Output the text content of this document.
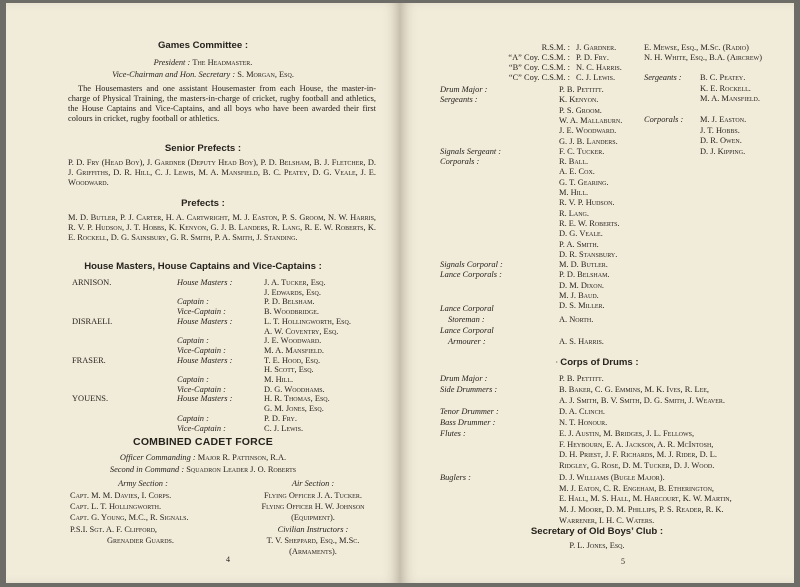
Games Committee :
President : The Headmaster.
Vice-Chairman and Hon. Secretary : S. Morgan, Esq.
The Housemasters and one assistant Housemaster from each House, the master-in-charge of Physical Training, the masters-in-charge of cricket, rugby football and athletics, the House Captains and Vice-Captains, and all boys who have been awarded their first colours in cricket, rugby football or athletics.
Senior Prefects :
P. D. Fry (Head Boy), J. Gardner (Deputy Head Boy), P. D. Belsham, B. J. Fletcher, D. J. Griffiths, D. R. Hill, C. J. Lewis, M. A. Mansfield, B. C. Peatey, D. G. Veale, J. E. Woodward.
Prefects :
M. D. Butler, P. J. Carter, H. A. Cartwright, M. J. Easton, P. S. Groom, N. W. Harris, R. V. P. Hudson, J. T. Hobbs, K. Kenyon, G. J. B. Landers, R. Lang, R. E. W. Roberts, K. E. Rockell, D. G. Sainsbury, G. R. Smith, P. A. Smith, J. Standing.
House Masters, House Captains and Vice-Captains :
ARNISON.	House Masters :	J. A. Tucker, Esq.
J. Edwards, Esq.
Captain :	P. D. Belsham.
Vice-Captain :	B. Woodbridge.
DISRAELI.	House Masters :	L. T. Hollingworth, Esq.
A. W. Coventry, Esq.
Captain :	J. E. Woodward.
Vice-Captain :	M. A. Mansfield.
FRASER.	House Masters :	T. E. Hood, Esq.
H. Scott, Esq.
Captain :	M. Hill.
Vice-Captain :	D. G. Woodhams.
YOUENS.	House Masters :	H. R. Thomas, Esq.
G. M. Jones, Esq.
Captain :	P. D. Fry.
Vice-Captain :	C. J. Lewis.
COMBINED CADET FORCE
Officer Commanding : Major R. Pattinson, R.A.
Second in Command : Squadron Leader J. O. Roberts
Army Section :	Air Section :
Capt. M. M. Davies, I. Corps.
Capt. L. T. Hollingworth.
Capt. G. Young, M.C., R. Signals.
P.S.I. Sgt. A. F. Clifford,
Grenadier Guards.
Flying Officer J. A. Tucker.
Flying Officer H. W. Johnson
(Equipment).
Civilian Instructors :
T. V. Sheppard, Esq., M.Sc.
(Armaments).
4
R.S.M. : J. Gardner.
“A” Coy. C.S.M. : P. D. Fry.
“B” Coy. C.S.M. : N. C. Harris.
“C” Coy. C.S.M. : C. J. Lewis.
E. Mewse, Esq., M.Sc. (Radio)
N. H. White, Esq., B.A. (Aircrew)
Drum Major :	P. B. Pettitt.
Sergeants :	K. Kenyon.
P. S. Groom.
W. A. Mallaburn.
J. E. Woodward.
G. J. B. Landers.
Signals Sergeant :	F. C. Tucker.
Corporals :	R. Ball.
A. E. Cox.
G. T. Gearing.
M. Hill.
R. V. P. Hudson.
R. Lang.
R. E. W. Roberts.
D. G. Veale.
P. A. Smith.
D. R. Stansbury.
Signals Corporal :	M. D. Butler.
Lance Corporals :	P. D. Belsham.
D. M. Dixon.
M. J. Baud.
D. S. Miller.
Sergeants : B. C. Peatey.
K. E. Rockell.
M. A. Mansfield.
Corporals : M. J. Easton.
J. T. Hobbs.
D. R. Owen.
D. J. Kipping.
Lance Corporal
Storeman :	A. North.
Lance Corporal
Armourer :	A. S. Harris.
· Corps of Drums :
Drum Major :	P. B. Pettitt.
Side Drummers :	B. Baker, C. G. Emmins, M. K. Ives, R. Lee,
A. J. Smith, B. V. Smith, D. G. Smith, J. Weaver.
Tenor Drummer :	D. A. Clinch.
Bass Drummer :	N. T. Honour.
Flutes :	E. J. Austin, M. Bridges, J. L. Fellows,
F. Heybourn, E. A. Jackson, A. R. McIntosh,
D. H. Priest, J. F. Richards, M. J. Rider, D. L.
Ridgley, G. Rose, D. M. Tucker, D. J. Wood.
Buglers :	D. J. Williams (Bugle Major).
M. J. Eaton, C. R. Engeham, B. Etherington,
E. Hall, M. S. Hall, M. Harcourt, K. W. Martin,
M. J. Moore, D. M. Phillips, P. S. Reader, R. K.
Warrener, I. H. C. Waters.
Secretary of Old Boys’ Club :
P. L. Jones, Esq.
5
